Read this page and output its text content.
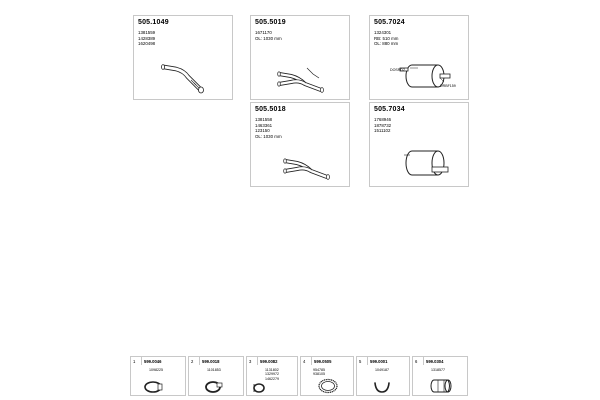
505.1049
1381559
1428389
1620498
505.5019
1671170
OL: 1030 mm
505.7024
1324301
RB: 510 mm
OL: 880 mm
DOSRD2
DRBF159
505.5018
1381558
1463361
123150
OL: 1030 mm
505.7034
1768946
1878732
1511102
1 599.0046
1098225
2 599.0018
1101853
3 599.0082
1131802
1329972
1462279
4 599.0505
954785
938105
5 599.0001
1049187
6 599.0304
1318577
